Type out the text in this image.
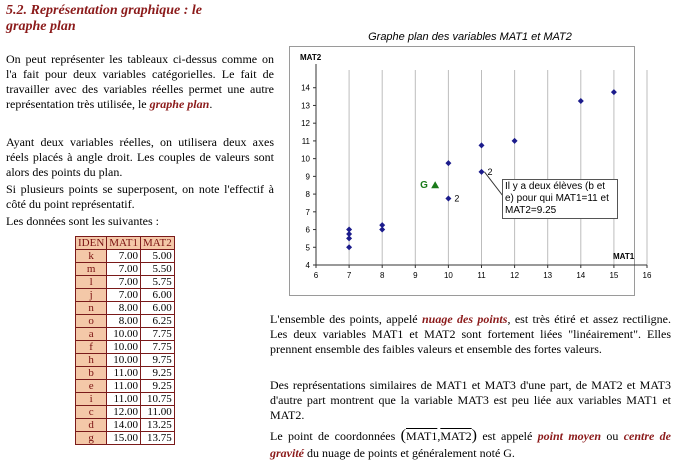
5.2. Représentation graphique : le graphe plan
On peut représenter les tableaux ci-dessus comme on l'a fait pour deux variables catégorielles. Le fait de travailler avec des variables réelles permet une autre représentation très utilisée, le graphe plan.
Ayant deux variables réelles, on utilisera deux axes réels placés à angle droit. Les couples de valeurs sont alors des points du plan.
Si plusieurs points se superposent, on note l'effectif à côté du point représentatif.
Les données sont les suivantes :
IDEN	MAT1	MAT2
k	7.00	5.00
m	7.00	5.50
l	7.00	5.75
j	7.00	6.00
n	8.00	6.00
o	8.00	6.25
a	10.00	7.75
f	10.00	7.75
h	10.00	9.75
b	11.00	9.25
e	11.00	9.25
i	11.00	10.75
c	12.00	11.00
d	14.00	13.25
g	15.00	13.75
Graphe plan des variables MAT1 et MAT2
6	7	8	9	10	11	12	13	14	15	16
4
5
6
7
8
9
10
11
12
13
14
MAT2
MAT1
2
2
G	Il y a deux élèves (b et e) pour qui MAT1=11 et MAT2=9.25
L'ensemble des points, appelé nuage des points, est très étiré et assez rectiligne. Les deux variables MAT1 et MAT2 sont fortement liées "linéairement". Elles prennent ensemble des faibles valeurs et ensemble des fortes valeurs.
Des représentations similaires de MAT1 et MAT3 d'une part, de MAT2 et MAT3 d'autre part montrent que la variable MAT3 est peu liée aux variables MAT1 et MAT2.
Le point de coordonnées (MAT1,MAT2) est appelé point moyen ou centre de gravité du nuage de points et généralement noté G.
